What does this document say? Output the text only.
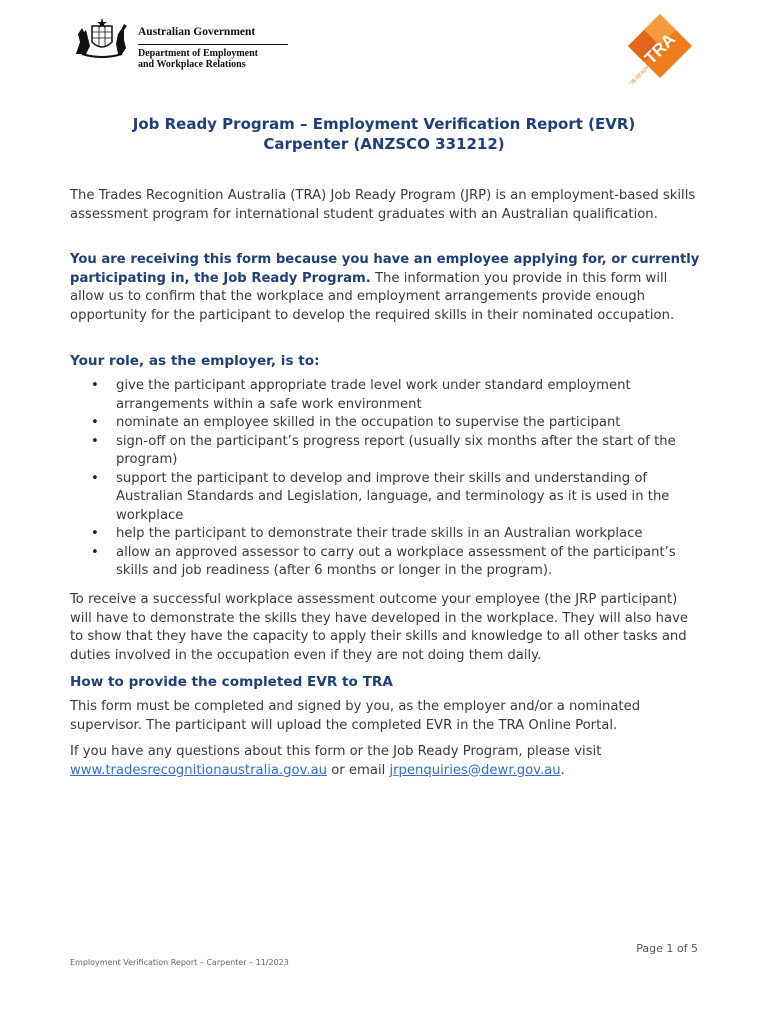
Australian Government
Department of Employment
and Workplace Relations	TRA
JOB READY
Job Ready Program – Employment Verification Report (EVR)
Carpenter (ANZSCO 331212)

The Trades Recognition Australia (TRA) Job Ready Program (JRP) is an employment-based skills assessment program for international student graduates with an Australian qualification.

You are receiving this form because you have an employee applying for, or currently participating in, the Job Ready Program. The information you provide in this form will allow us to confirm that the workplace and employment arrangements provide enough opportunity for the participant to develop the required skills in their nominated occupation.

Your role, as the employer, is to:

• give the participant appropriate trade level work under standard employment arrangements within a safe work environment
• nominate an employee skilled in the occupation to supervise the participant
• sign-off on the participant’s progress report (usually six months after the start of the program)
• support the participant to develop and improve their skills and understanding of Australian Standards and Legislation, language, and terminology as it is used in the workplace
• help the participant to demonstrate their trade skills in an Australian workplace
• allow an approved assessor to carry out a workplace assessment of the participant’s skills and job readiness (after 6 months or longer in the program).

To receive a successful workplace assessment outcome your employee (the JRP participant) will have to demonstrate the skills they have developed in the workplace. They will also have to show that they have the capacity to apply their skills and knowledge to all other tasks and duties involved in the occupation even if they are not doing them daily.

How to provide the completed EVR to TRA

This form must be completed and signed by you, as the employer and/or a nominated supervisor. The participant will upload the completed EVR in the TRA Online Portal.

If you have any questions about this form or the Job Ready Program, please visit www.tradesrecognitionaustralia.gov.au or email jrpenquiries@dewr.gov.au.

Page 1 of 5
Employment Verification Report – Carpenter – 11/2023
